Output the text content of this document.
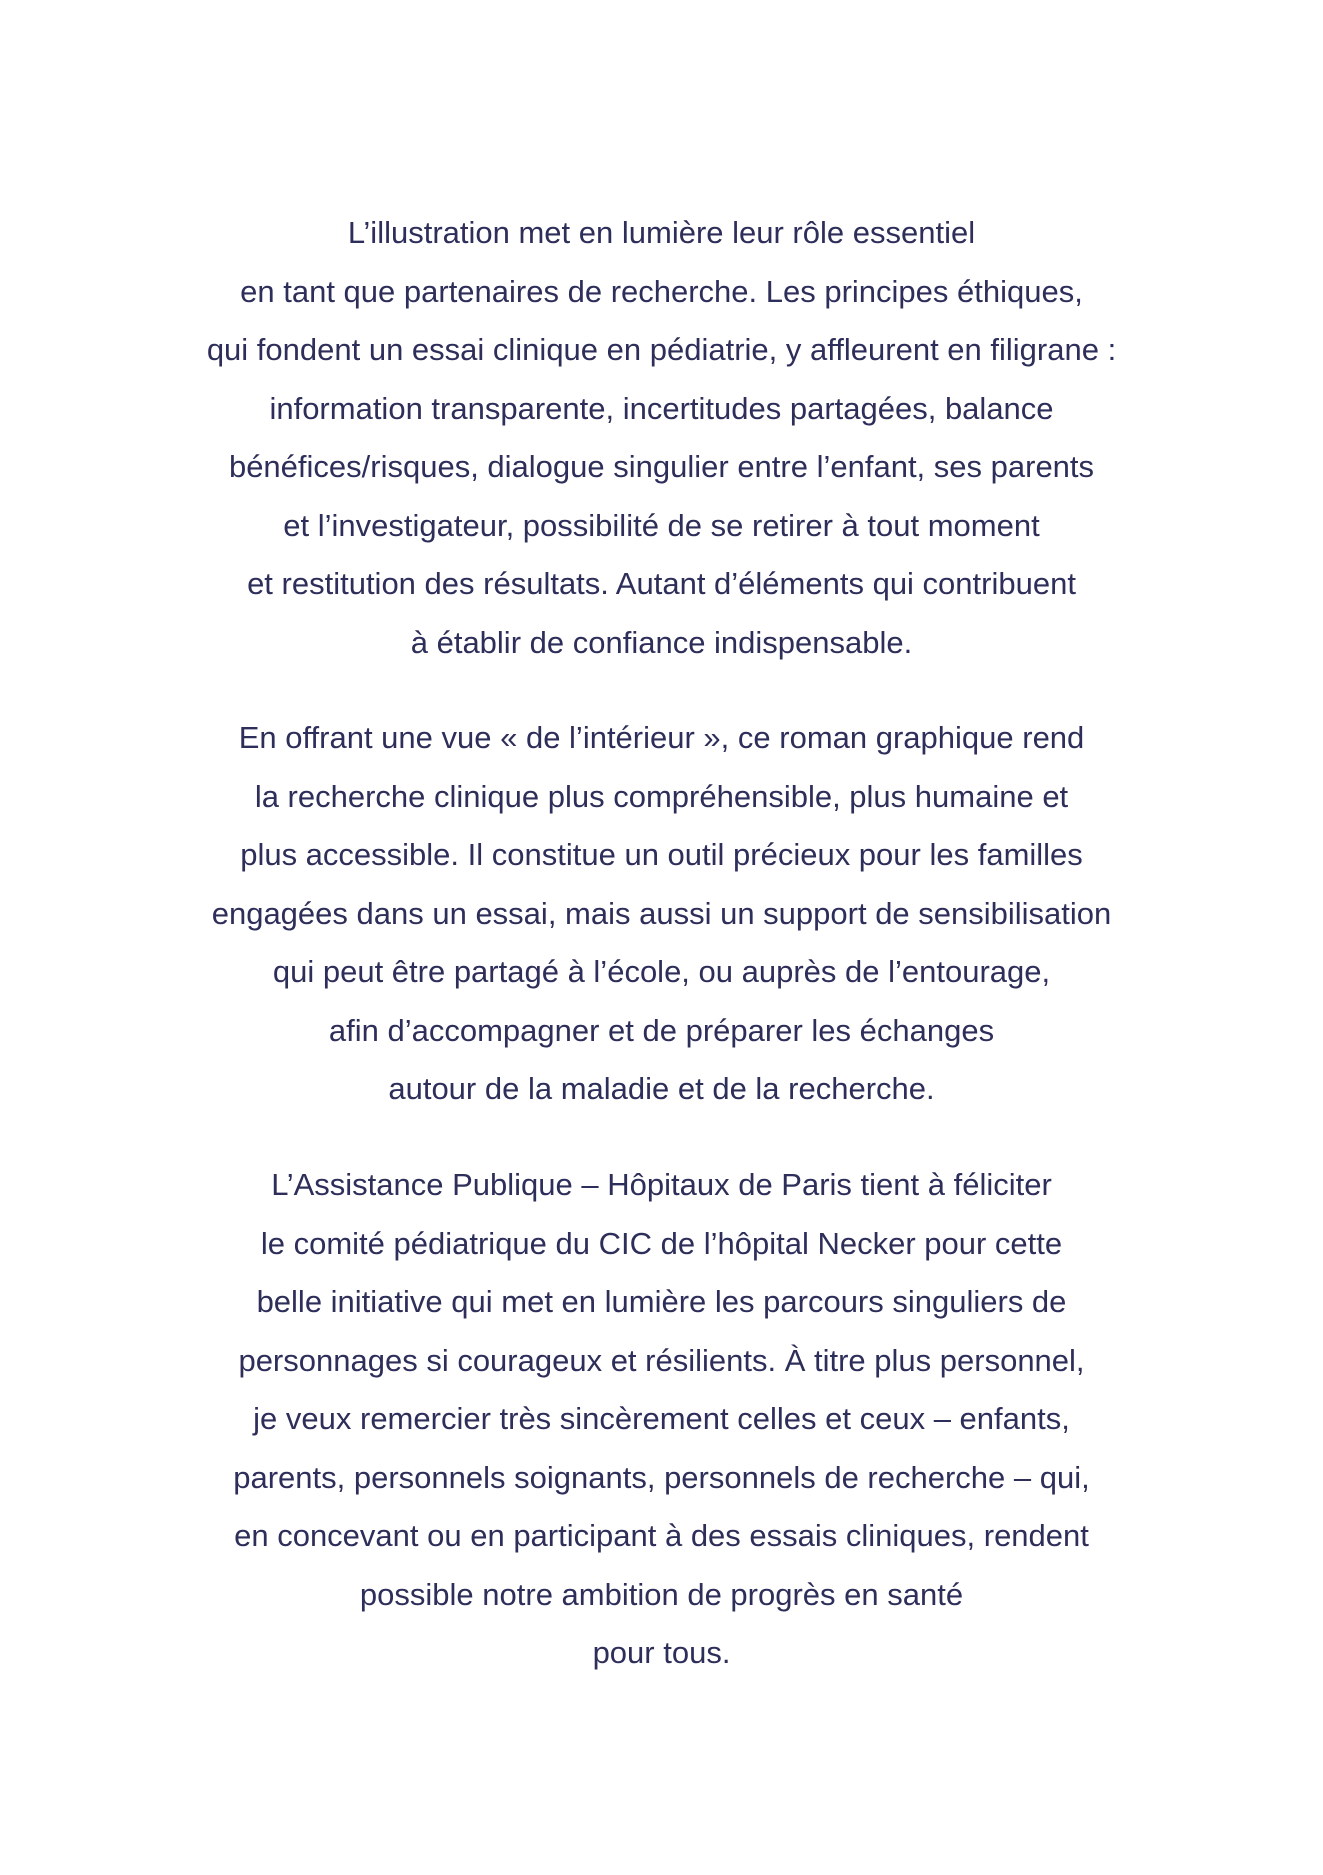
L’illustration met en lumière leur rôle essentiel
en tant que partenaires de recherche. Les principes éthiques,
qui fondent un essai clinique en pédiatrie, y affleurent en filigrane :
information transparente, incertitudes partagées, balance
bénéfices/risques, dialogue singulier entre l’enfant, ses parents
et l’investigateur, possibilité de se retirer à tout moment
et restitution des résultats. Autant d’éléments qui contribuent
à établir de confiance indispensable.

En offrant une vue « de l’intérieur », ce roman graphique rend
la recherche clinique plus compréhensible, plus humaine et
plus accessible. Il constitue un outil précieux pour les familles
engagées dans un essai, mais aussi un support de sensibilisation
qui peut être partagé à l’école, ou auprès de l’entourage,
afin d’accompagner et de préparer les échanges
autour de la maladie et de la recherche.

L’Assistance Publique – Hôpitaux de Paris tient à féliciter
le comité pédiatrique du CIC de l’hôpital Necker pour cette
belle initiative qui met en lumière les parcours singuliers de
personnages si courageux et résilients. À titre plus personnel,
je veux remercier très sincèrement celles et ceux – enfants,
parents, personnels soignants, personnels de recherche – qui,
en concevant ou en participant à des essais cliniques, rendent
possible notre ambition de progrès en santé
pour tous.
